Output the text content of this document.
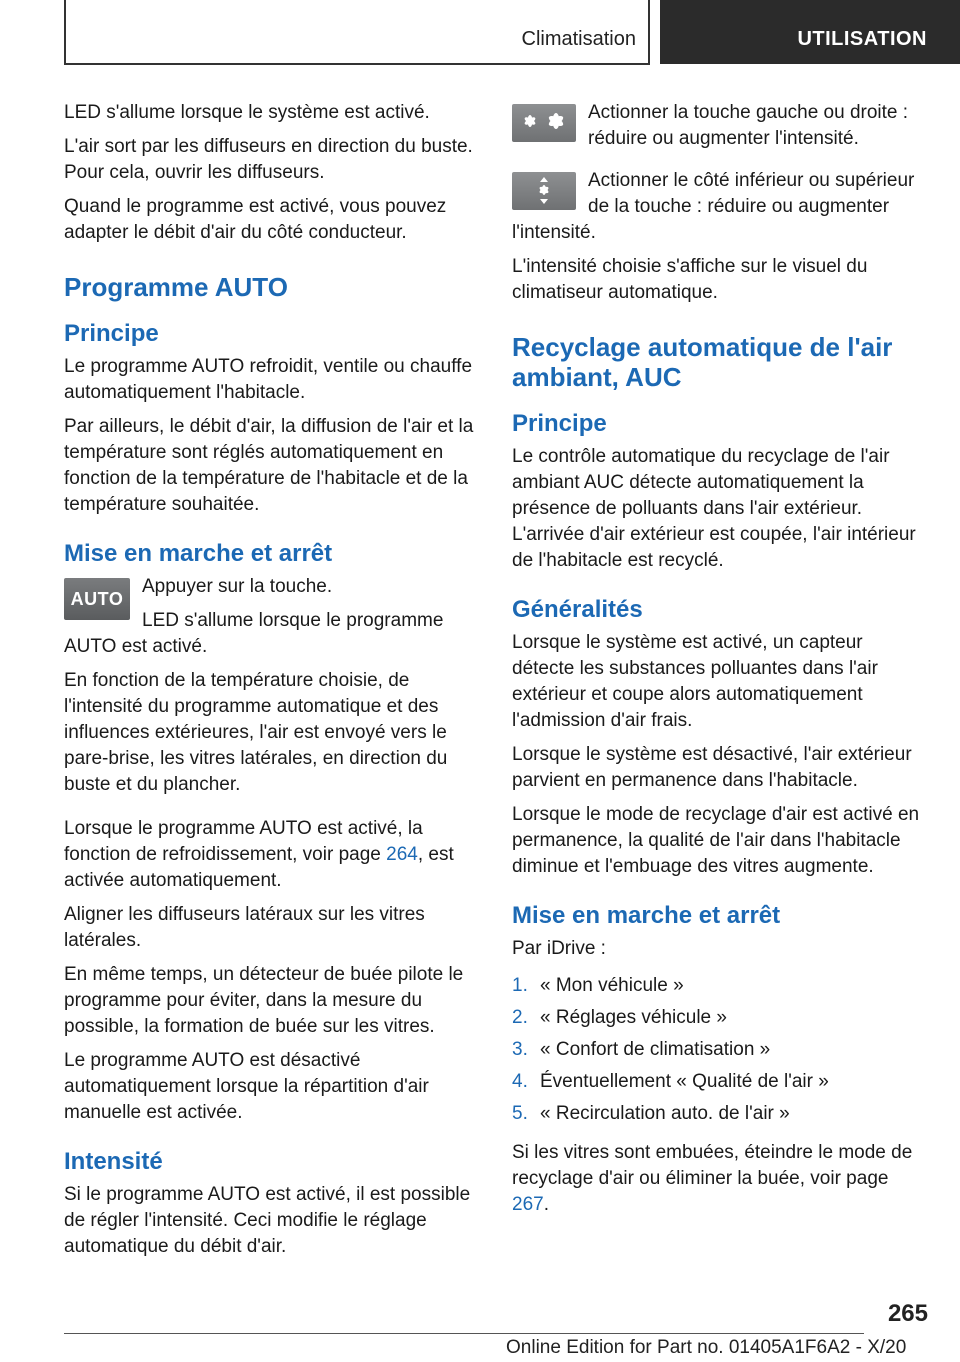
Climatisation	UTILISATION

LED s'allume lorsque le système est activé.

L'air sort par les diffuseurs en direction du buste. Pour cela, ouvrir les diffuseurs.

Quand le programme est activé, vous pouvez adapter le débit d'air du côté conducteur.

Programme AUTO
Principe

Le programme AUTO refroidit, ventile ou chauffe automatiquement l'habitacle.

Par ailleurs, le débit d'air, la diffusion de l'air et la température sont réglés automatiquement en fonction de la température de l'habitacle et de la température souhaitée.

Mise en marche et arrêt
AUTO

Appuyer sur la touche.

LED s'allume lorsque le programme AUTO est activé.

En fonction de la température choisie, de l'intensité du programme automatique et des influences extérieures, l'air est envoyé vers le pare-brise, les vitres latérales, en direction du buste et du plancher.

Lorsque le programme AUTO est activé, la fonction de refroidissement, voir page 264, est activée automatiquement.

Aligner les diffuseurs latéraux sur les vitres latérales.

En même temps, un détecteur de buée pilote le programme pour éviter, dans la mesure du possible, la formation de buée sur les vitres.

Le programme AUTO est désactivé automatiquement lorsque la répartition d'air manuelle est activée.

Intensité

Si le programme AUTO est activé, il est possible de régler l'intensité. Ceci modifie le réglage automatique du débit d'air.

Actionner la touche gauche ou droite : réduire ou augmenter l'intensité.

Actionner le côté inférieur ou supérieur de la touche : réduire ou augmenter l'intensité.

L'intensité choisie s'affiche sur le visuel du climatiseur automatique.

Recyclage automatique de l'air ambiant, AUC
Principe

Le contrôle automatique du recyclage de l'air ambiant AUC détecte automatiquement la présence de polluants dans l'air extérieur. L'arrivée d'air extérieur est coupée, l'air intérieur de l'habitacle est recyclé.

Généralités

Lorsque le système est activé, un capteur détecte les substances polluantes dans l'air extérieur et coupe alors automatiquement l'admission d'air frais.

Lorsque le système est désactivé, l'air extérieur parvient en permanence dans l'habitacle.

Lorsque le mode de recyclage d'air est activé en permanence, la qualité de l'air dans l'habitacle diminue et l'embuage des vitres augmente.

Mise en marche et arrêt

Par iDrive :

1. « Mon véhicule »
2. « Réglages véhicule »
3. « Confort de climatisation »
4. Éventuellement « Qualité de l'air »
5. « Recirculation auto. de l'air »

Si les vitres sont embuées, éteindre le mode de recyclage d'air ou éliminer la buée, voir page 267.

265
Online Edition for Part no. 01405A1F6A2 - X/20
